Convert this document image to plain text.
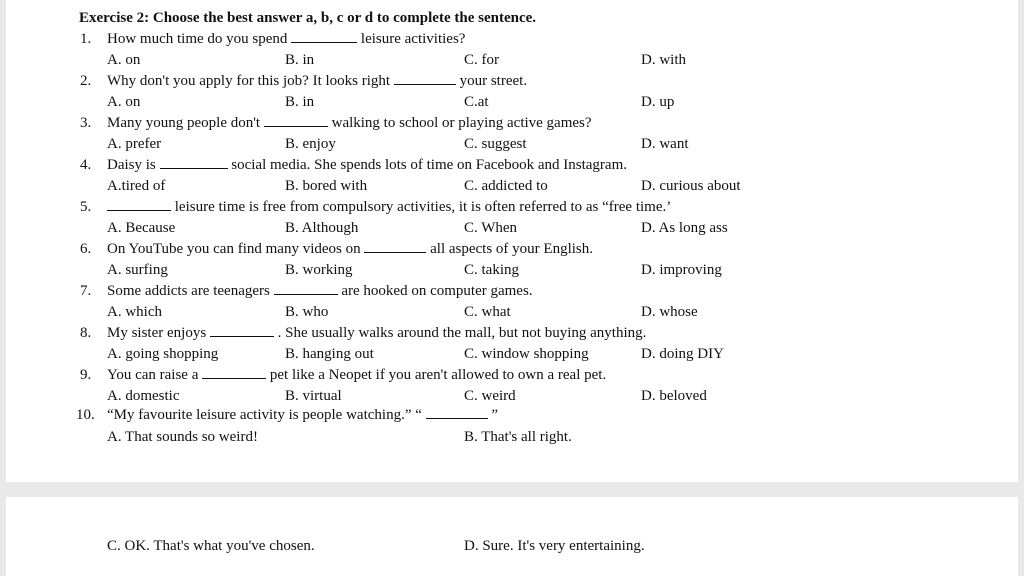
Exercise 2: Choose the best answer a, b, c or d to complete the sentence.
1. How much time do you spend	leisure activities?
A. on	B. in	C. for	D. with
2. Why don't you apply for this job? It looks right	your street.
A. on	B. in	C.at	D. up
3. Many young people don't	walking to school or playing active games?
A. prefer	B. enjoy	C. suggest	D. want
4. Daisy is	social media. She spends lots of time on Facebook and Instagram.
A.tired of	B. bored with	C. addicted to	D. curious about
5.	leisure time is free from compulsory activities, it is often referred to as “free time.’
A. Because	B. Although	C. When	D. As long ass
6. On YouTube you can find many videos on	all aspects of your English.
A. surfing	B. working	C. taking	D. improving
7. Some addicts are teenagers	are hooked on computer games.
A. which	B. who	C. what	D. whose
8. My sister enjoys	. She usually walks around the mall, but not buying anything.
A. going shopping	B. hanging out	C. window shopping	D. doing DIY
9. You can raise a	pet like a Neopet if you aren't allowed to own a real pet.
A. domestic	B. virtual	C. weird	D. beloved
10. “My favourite leisure activity is people watching.” “	”
A. That sounds so weird!	B. That's all right.
C. OK. That's what you've chosen.	D. Sure. It's very entertaining.
